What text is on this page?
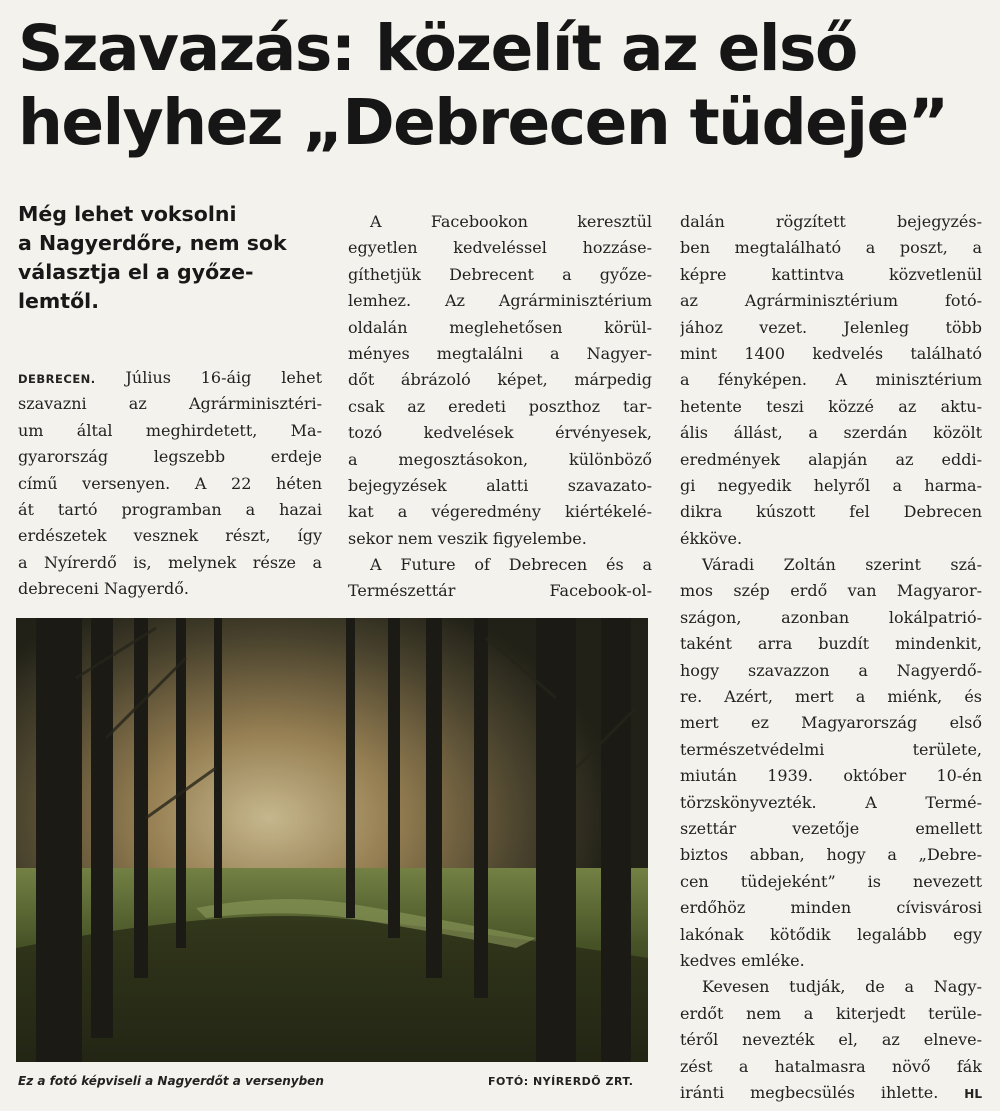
Szavazás: közelít az első
helyhez „Debrecen tüdeje”
Még lehet voksolni
a Nagyerdőre, nem sok
választja el a győze-
lemtől.
DEBRECEN. Július 16-áig lehet
szavazni az Agrárminisztéri-
um által meghirdetett, Ma-
gyarország legszebb erdeje
című versenyen. A 22 héten
át tartó programban a hazai
erdészetek vesznek részt, így
a Nyírerdő is, melynek része a
debreceni Nagyerdő.
A Facebookon keresztül
egyetlen kedveléssel hozzáse-
gíthetjük Debrecent a győze-
lemhez. Az Agrárminisztérium
oldalán meglehetősen körül-
ményes megtalálni a Nagyer-
dőt ábrázoló képet, márpedig
csak az eredeti poszthoz tar-
tozó kedvelések érvényesek,
a megosztásokon, különböző
bejegyzések alatti szavazato-
kat a végeredmény kiértékelé-
sekor nem veszik figyelembe.
A Future of Debrecen és a
Természettár Facebook-ol-
dalán rögzített bejegyzés-
ben megtalálható a poszt, a
képre kattintva közvetlenül
az Agrárminisztérium fotó-
jához vezet. Jelenleg több
mint 1400 kedvelés található
a fényképen. A minisztérium
hetente teszi közzé az aktu-
ális állást, a szerdán közölt
eredmények alapján az eddi-
gi negyedik helyről a harma-
dikra kúszott fel Debrecen
ékköve.
Váradi Zoltán szerint szá-
mos szép erdő van Magyaror-
szágon, azonban lokálpatrió-
taként arra buzdít mindenkit,
hogy szavazzon a Nagyerdő-
re. Azért, mert a miénk, és
mert ez Magyarország első
természetvédelmi területe,
miután 1939. október 10-én
törzskönyvezték. A Termé-
szettár vezetője emellett
biztos abban, hogy a „Debre-
cen tüdejeként” is nevezett
erdőhöz minden cívisvárosi
lakónak kötődik legalább egy
kedves emléke.
Kevesen tudják, de a Nagy-
erdőt nem a kiterjedt terüle-
téről nevezték el, az elneve-
zést a hatalmasra növő fák
iránti megbecsülés ihlette. HL
Ez a fotó képviseli a Nagyerdőt a versenyben	FOTÓ: NYÍRERDŐ ZRT.
